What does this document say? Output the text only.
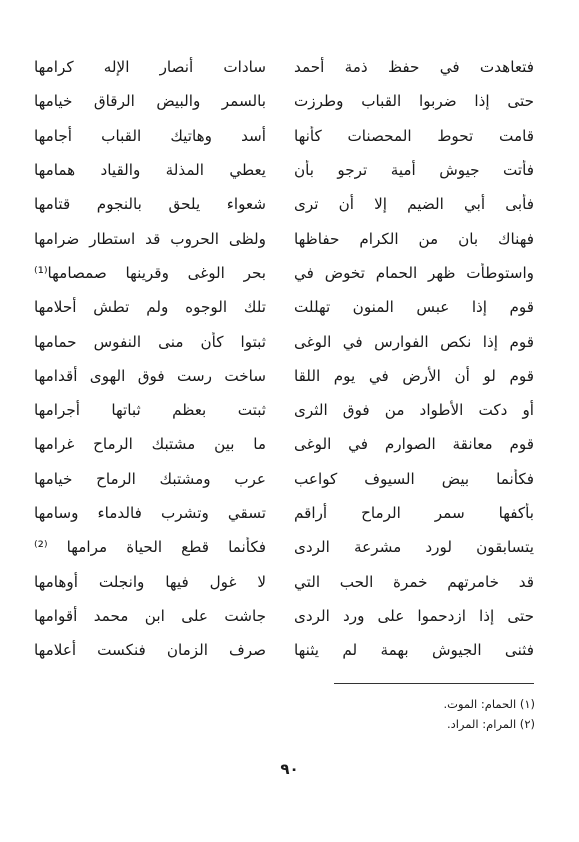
فتعاهدت في حفظ ذمة أحمد
سادات أنصار الإله كرامها
حتى إذا ضربوا القباب وطرزت
بالسمر والبيض الرقاق خيامها
قامت تحوط المحصنات كأنها
أسد وهاتيك القباب أجامها
فأتت جيوش أمية ترجو بأن
يعطي المذلة والقياد همامها
فأبى أبي الضيم إلا أن ترى
شعواء يلحق بالنجوم قتامها
فهناك بان من الكرام حفاظها
ولظى الحروب قد استطار ضرامها
واستوطأت ظهر الحمام تخوض في
بحر الوغى وقرينها صمصامها⁽¹⁾
قوم إذا عبس المنون تهللت
تلك الوجوه ولم تطش أحلامها
قوم إذا نكص الفوارس في الوغى
ثبتوا كأن منى النفوس حمامها
قوم لو أن الأرض في يوم اللقا
ساخت رست فوق الهوى أقدامها
أو دكت الأطواد من فوق الثرى
ثبتت بعظم ثباتها أجرامها
قوم معانقة الصوارم في الوغى
ما بين مشتبك الرماح غرامها
فكأنما بيض السيوف كواعب
عرب ومشتبك الرماح خيامها
بأكفها سمر الرماح أراقم
تسقي وتشرب فالدماء وسامها
يتسابقون لورد مشرعة الردى
فكأنما قطع الحياة مرامها ⁽²⁾
قد خامرتهم خمرة الحب التي
لا غول فيها وانجلت أوهامها
حتى إذا ازدحموا على ورد الردى
جاشت على ابن محمد أقوامها
فثنى الجيوش بهمة لم يثنها
صرف الزمان فنكست أعلامها
(١) الحمام: الموت.
(٢) المرام: المراد.
٩٠
